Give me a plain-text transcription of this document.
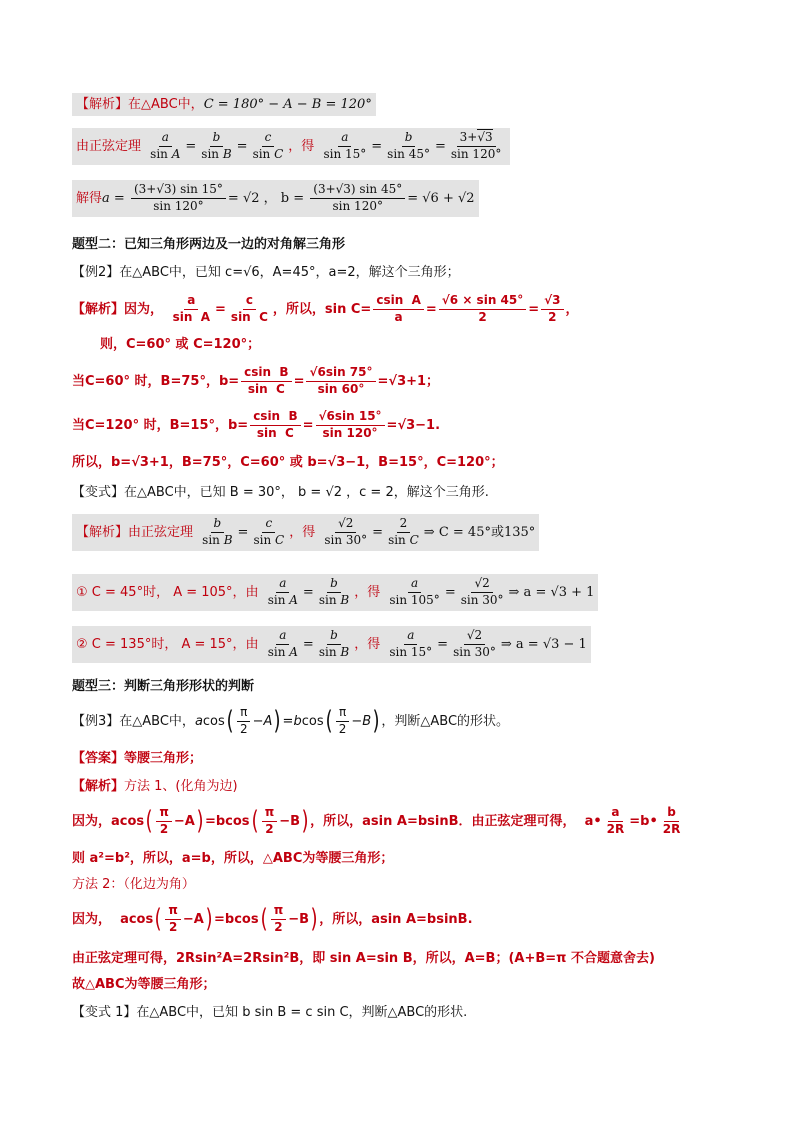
【解析】在△ABC中，C = 180° − A − B = 120°
由正弦定理 $\frac{a}{\text{sin A}} = \frac{b}{\text{sin B}} = \frac{c}{\text{sin C}}$ ，得 $\frac{a}{\sin 15^\circ} = \frac{b}{\sin 45^\circ} = \frac{3+√3}{\sin 120^\circ}$
解得$a = \frac{(3+√3) \sin 15^\circ}{\sin 120^\circ} = √2$ ， $b = \frac{(3+√3) \sin 45^\circ}{\sin 120^\circ} = √6 + √2$
题型二：已知三角形两边及一边的对角解三角形
【例2】在△ABC中，已知 c=√6，A=45°，a=2，解这个三角形；
【解析】因为， $\frac{a}{\text{sin  A}} = \frac{c}{\text{sin  C}}$ ，所以，$\sin C= \frac{\text{csin  A}}{a} = \frac{√6 \times \sin 45^\circ}{2} = \frac{√3}{2}$ ，
则，C=60° 或 C=120°；
当C=60° 时，B=75°，$b= \frac{\text{csin  B}}{\text{sin  C}} = \frac{√6\sin 75^\circ}{\sin 60^\circ} =√3+1$；
当C=120° 时，B=15°，$b= \frac{\text{csin  B}}{\text{sin  C}} = \frac{√6\sin 15^\circ}{\sin 120^\circ} =√3-1$.
所以，b=√3+1，B=75°，C=60° 或 b=√3−1，B=15°，C=120°；
【变式】在△ABC中，已知 B = 30°， b = √2 ，c = 2，解这个三角形.
【解析】由正弦定理 $\frac{b}{\text{sin B}} = \frac{c}{\text{sin C}}$ ，得 $\frac{√2}{\sin 30^\circ} = \frac{2}{\text{sin C}}$ ⇒ C = 45°或135°
① C = 45°时， A = 105°，由 $\frac{a}{\text{sin A}} = \frac{b}{\text{sin B}}$ ，得 $\frac{a}{\sin 105^\circ} = \frac{√2}{\sin 30^\circ}$ ⇒ a = √3 + 1
② C = 135°时， A = 15°，由 $\frac{a}{\text{sin A}} = \frac{b}{\text{sin B}}$ ，得 $\frac{a}{\sin 15^\circ} = \frac{√2}{\sin 30^\circ}$ ⇒ a = √3 − 1
题型三：判断三角形形状的判断
【例3】在△ABC中，$acos( \frac{\pi}{2} -A) =bcos( \frac{\pi}{2} -B)$ ，判断△ABC的形状。
【答案】等腰三角形；
【解析】方法 1、(化角为边)
因为，$acos( \frac{\pi}{2} -A) =bcos( \frac{\pi}{2} -B)$ ，所以，asin A=bsinB．由正弦定理可得，  a• $\frac{a}{2R}$ =b• $\frac{b}{2R}$
则 a²=b²，所以，a=b，所以，△ABC为等腰三角形；
方法 2：（化边为角）
因为，  $acos( \frac{\pi}{2} -A) =bcos( \frac{\pi}{2} -B)$ ，所以，asin A=bsinB.
由正弦定理可得，2Rsin²A=2Rsin²B，即 sin A=sin B，所以，A=B；(A+B=π 不合题意舍去)
故△ABC为等腰三角形；
【变式 1】在△ABC中，已知 b sin B = c sin C，判断△ABC的形状.
